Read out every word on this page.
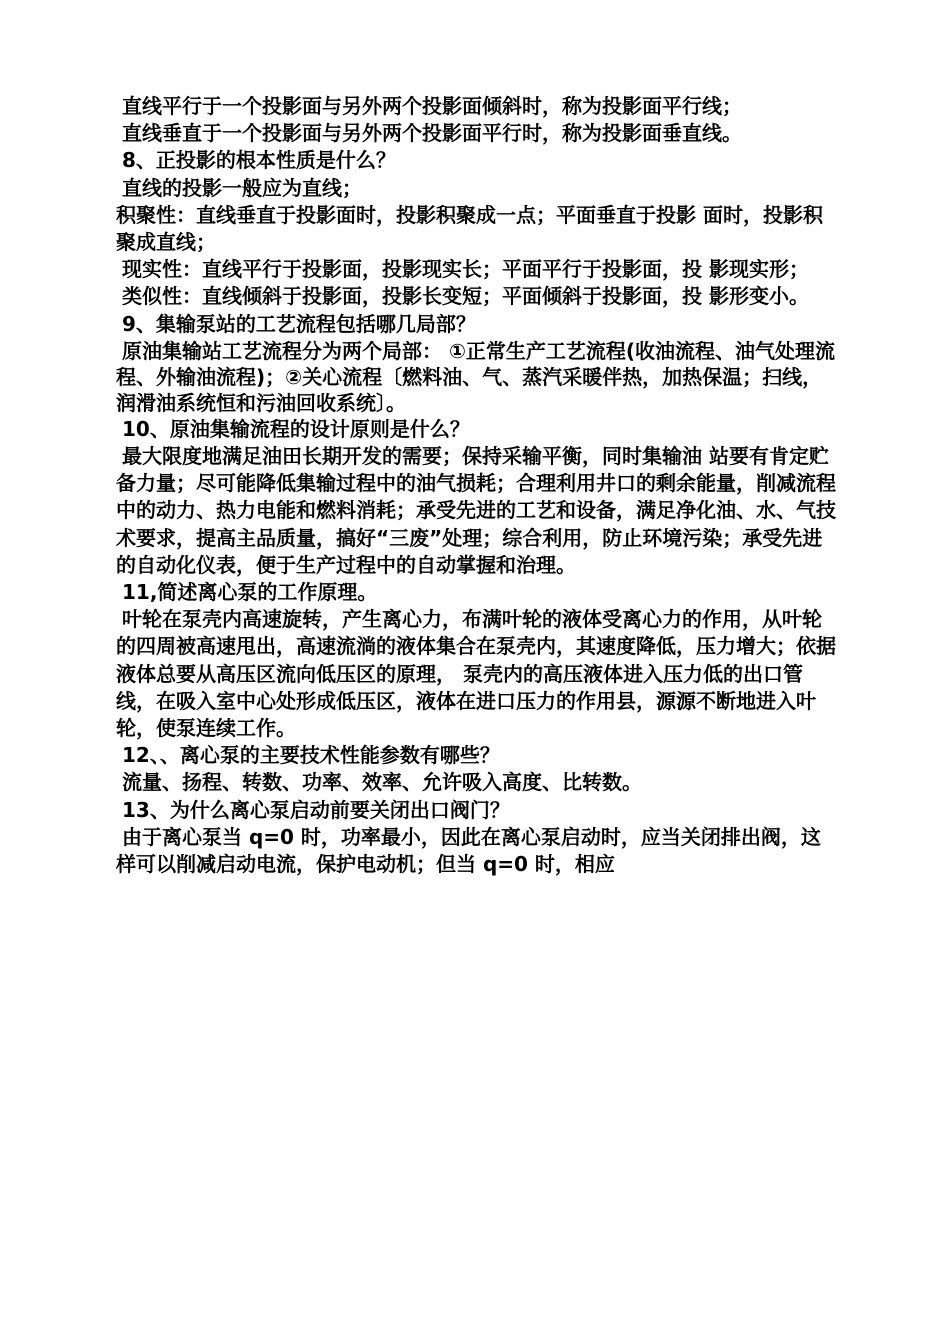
直线平行于一个投影面与另外两个投影面倾斜时，称为投影面平行线；

直线垂直于一个投影面与另外两个投影面平行时，称为投影面垂直线。

8、正投影的根本性质是什么？

直线的投影一般应为直线；

积聚性：直线垂直于投影面时，投影积聚成一点；平面垂直于投影 面时，投影积聚成直线；

现实性：直线平行于投影面，投影现实长；平面平行于投影面，投 影现实形；

类似性：直线倾斜于投影面，投影长变短；平面倾斜于投影面，投 影形变小。

9、集输泵站的工艺流程包括哪几局部？

原油集输站工艺流程分为两个局部： ①正常生产工艺流程(收油流程、油气处理流程、外输油流程)；②关心流程〔燃料油、气、蒸汽采暖伴热，加热保温；扫线，润滑油系统恒和污油回收系统〕。

10、原油集输流程的设计原则是什么？

最大限度地满足油田长期开发的需要；保持采输平衡，同时集输油 站要有肯定贮备力量；尽可能降低集输过程中的油气损耗；合理利用井口的剩余能量，削减流程中的动力、热力电能和燃料消耗；承受先进的工艺和设备，满足净化油、水、气技术要求，提高主品质量，搞好“三废”处理；综合利用，防止环境污染；承受先进的自动化仪表，便于生产过程中的自动掌握和治理。

11,简述离心泵的工作原理。

叶轮在泵壳内高速旋转，产生离心力，布满叶轮的液体受离心力的作用，从叶轮的四周被高速甩出，高速流淌的液体集合在泵壳内，其速度降低，压力增大；依据液体总要从高压区流向低压区的原理， 泵壳内的高压液体进入压力低的出口管线，在吸入室中心处形成低压区，液体在进口压力的作用县，源源不断地进入叶轮，使泵连续工作。

12、、离心泵的主要技术性能参数有哪些？

流量、扬程、转数、功率、效率、允许吸入高度、比转数。

13、为什么离心泵启动前要关闭出口阀门？

由于离心泵当 q=0 时，功率最小，因此在离心泵启动时，应当关闭排出阀，这样可以削减启动电流，保护电动机；但当 q=0 时，相应
